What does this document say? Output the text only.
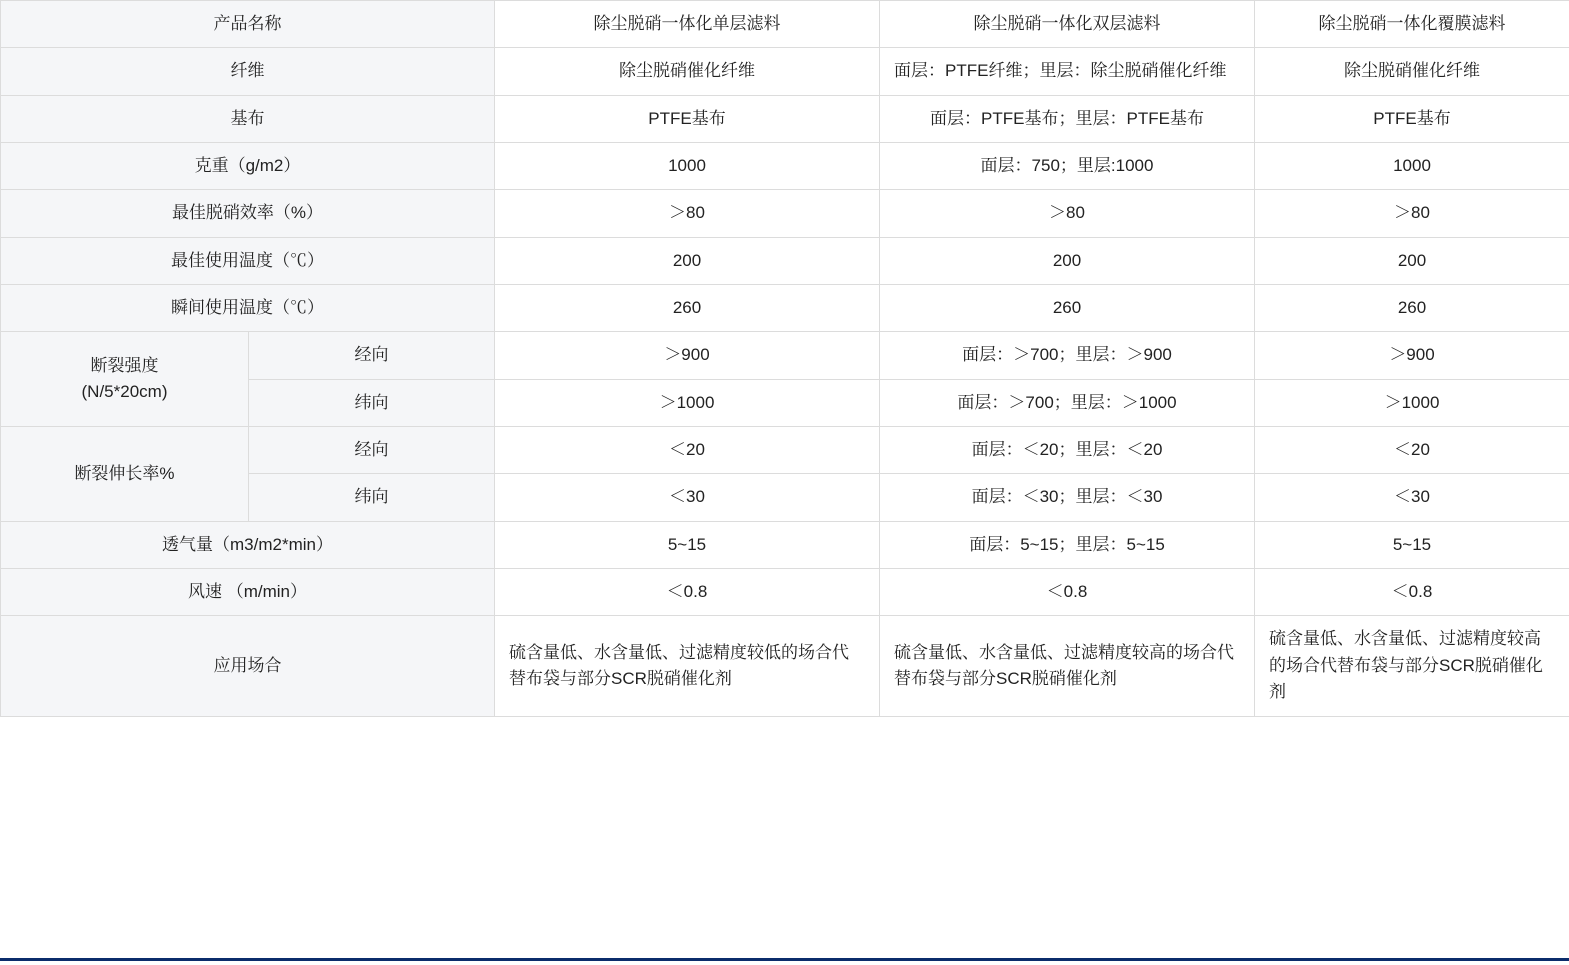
产品名称		除尘脱硝一体化单层滤料	除尘脱硝一体化双层滤料	除尘脱硝一体化覆膜滤料
纤维		除尘脱硝催化纤维	面层：PTFE纤维；里层：除尘脱硝催化纤维	除尘脱硝催化纤维
基布		PTFE基布	面层：PTFE基布；里层：PTFE基布	PTFE基布
克重（g/m2）		1000	面层：750；里层:1000	1000
最佳脱硝效率（%）		＞80	＞80	＞80
最佳使用温度（℃）		200	200	200
瞬间使用温度（℃）		260	260	260

断裂强度
(N/5*20cm)	经向	＞900	面层：＞700；里层：＞900	＞900
	纬向	＞1000	面层：＞700；里层：＞1000	＞1000
断裂伸长率%	经向	＜20	面层：＜20；里层：＜20	＜20
	纬向	＜30	面层：＜30；里层：＜30	＜30
透气量（m3/m2*min）		5~15	面层：5~15；里层：5~15	5~15
风速 （m/min）		＜0.8	＜0.8	＜0.8
应用场合		硫含量低、水含量低、过滤精度较低的场合代替布袋与部分SCR脱硝催化剂	硫含量低、水含量低、过滤精度较高的场合代替布袋与部分SCR脱硝催化剂	硫含量低、水含量低、过滤精度较高的场合代替布袋与部分SCR脱硝催化剂
